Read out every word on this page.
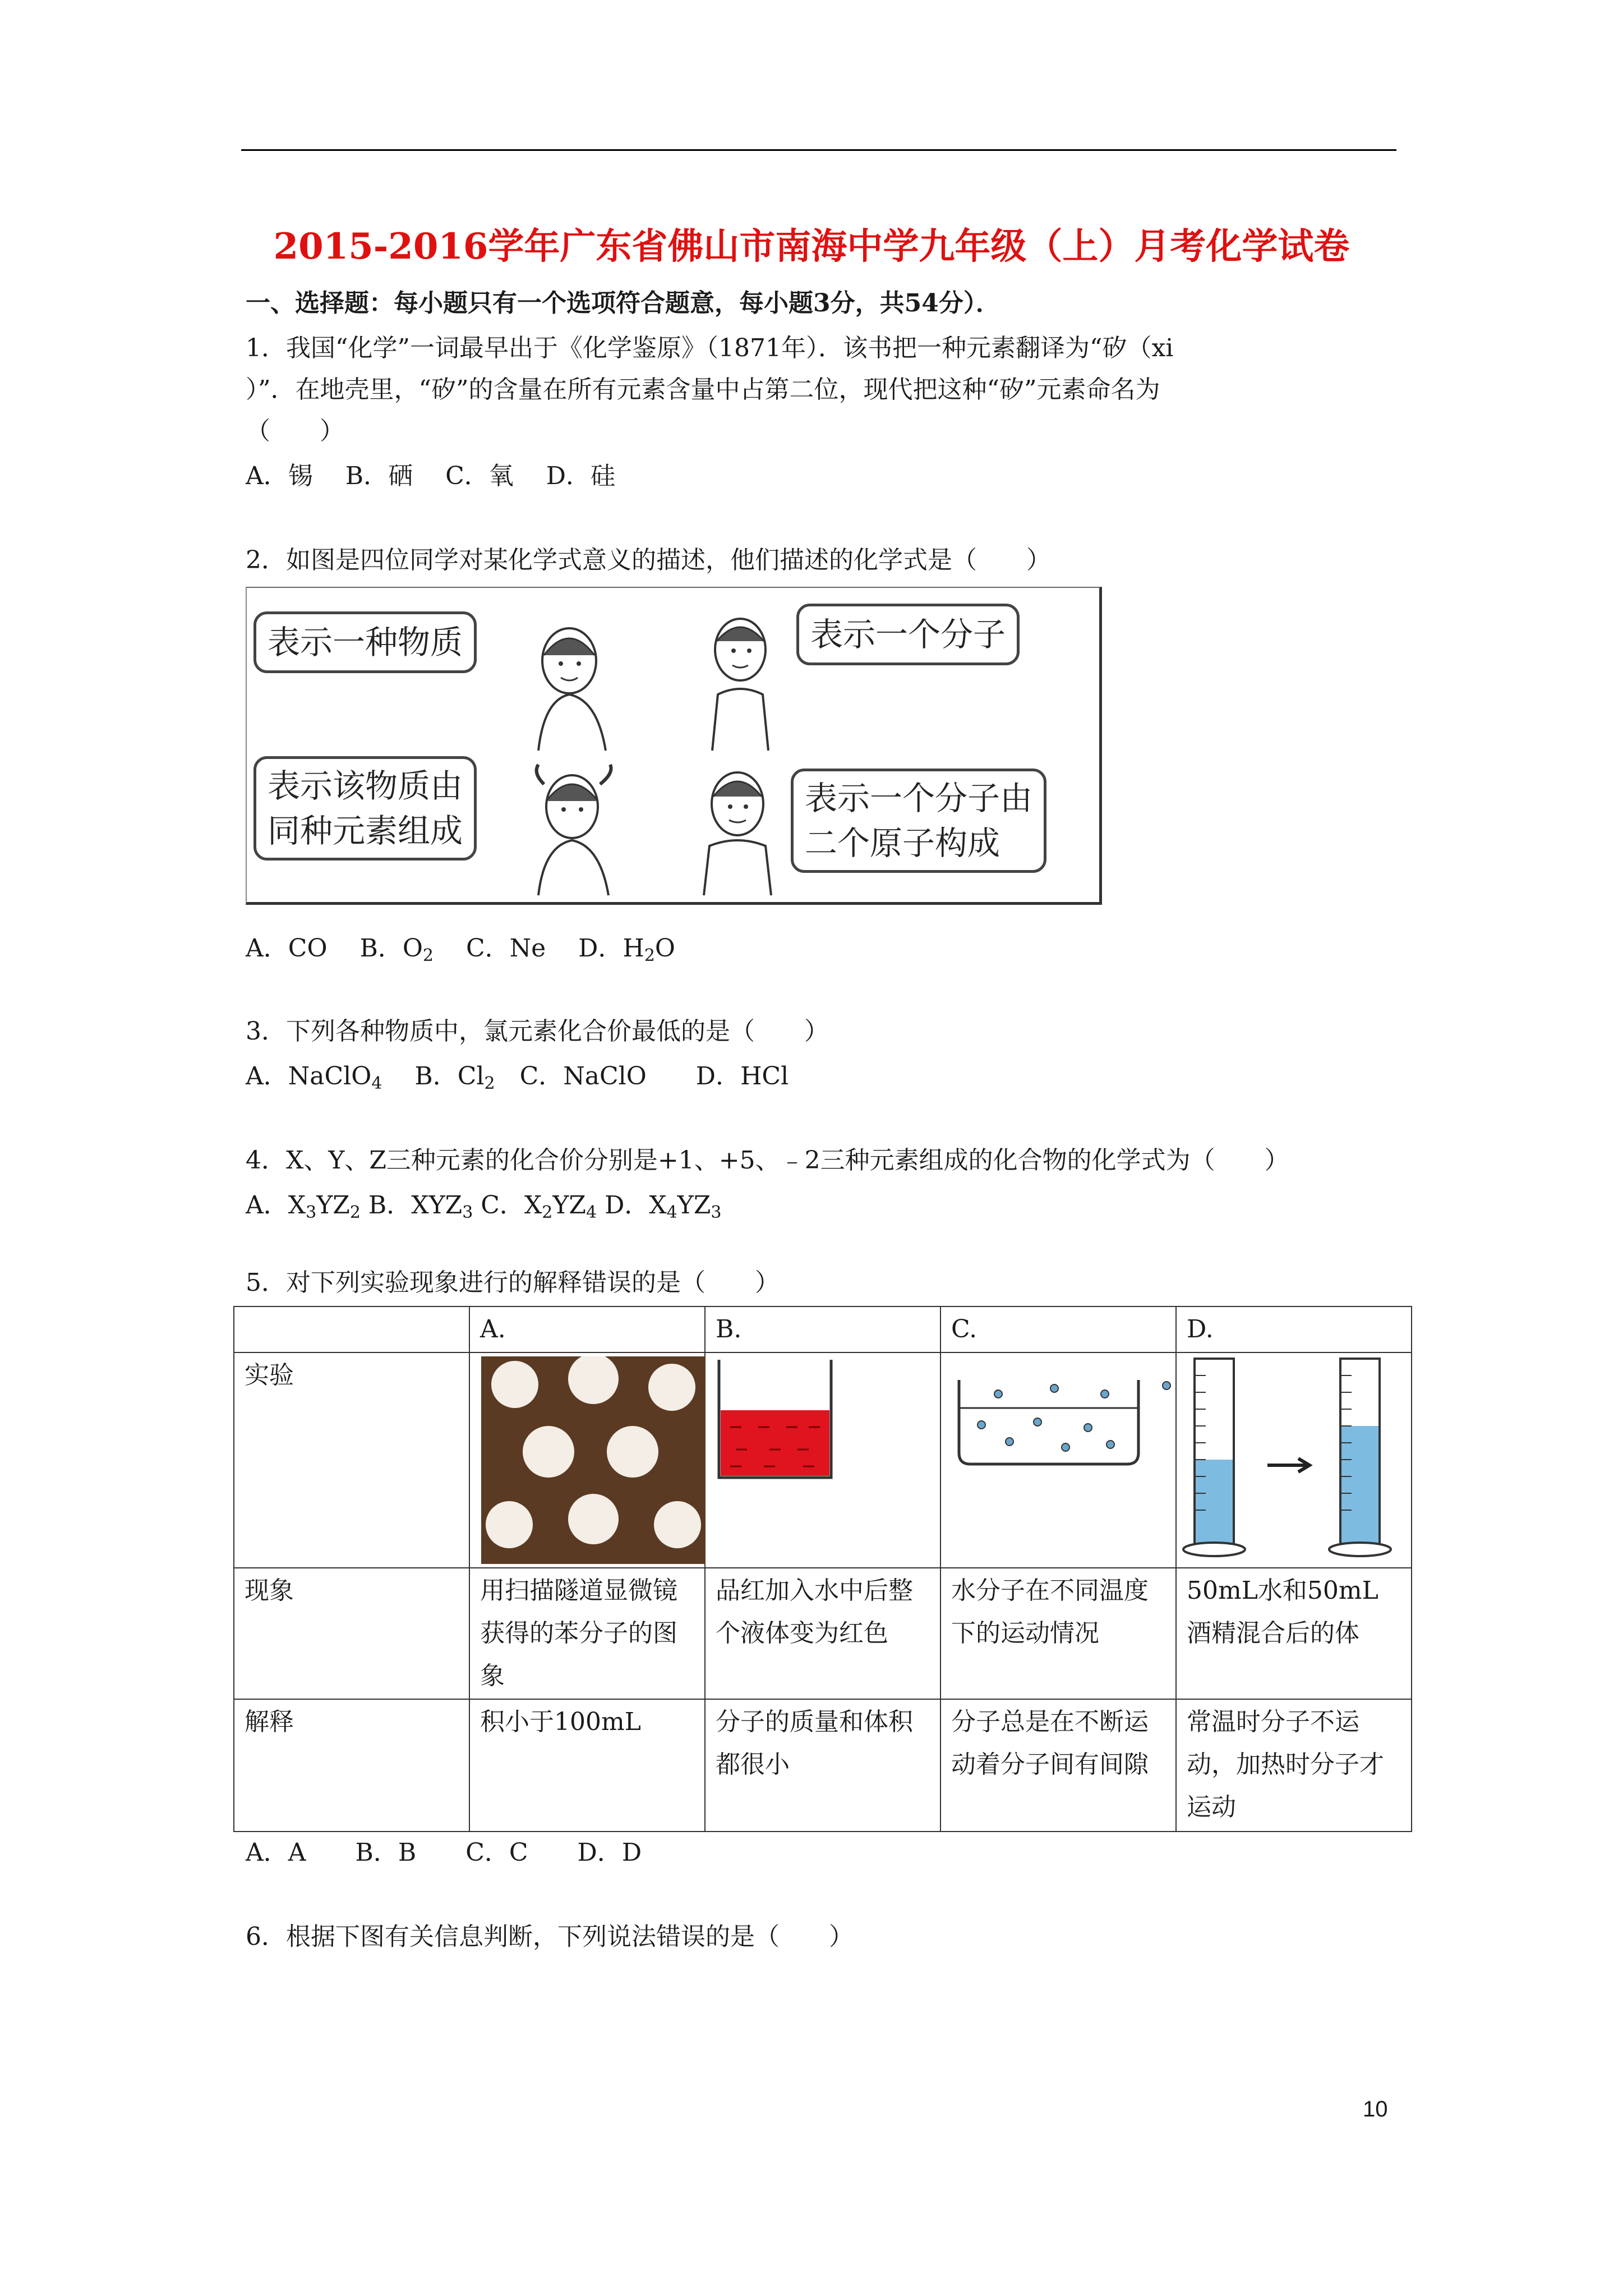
2015-2016学年广东省佛山市南海中学九年级（上）月考化学试卷
一、选择题：每小题只有一个选项符合题意，每小题3分，共54分）．
1．我国“化学”一词最早出于《化学鉴原》（1871年）．该书把一种元素翻译为“矽（xi
）”．在地壳里，“矽”的含量在所有元素含量中占第二位，现代把这种“矽”元素命名为
（　　）
A．锡　 B．硒　 C．氧　 D．硅
2．如图是四位同学对某化学式意义的描述，他们描述的化学式是（　　）
表示一种物质	表示一个分子
表示该物质由
同种元素组成
表示一个分子由
二个原子构成
A．CO　 B．$O_2$　 C．Ne　 D．$H_2O$
3．下列各种物质中，氯元素化合价最低的是（　　）
A．NaClO$_4$　 B．$Cl_2$　C．NaClO　　D．HCl
4．X、Y、Z三种元素的化合价分别是+1、+5、﹣2三种元素组成的化合物的化学式为（　　）
A．$X_3YZ_2$ B．$XYZ_3$ C．$X_2YZ_4$ D．$X_4YZ_3$
5．对下列实验现象进行的解释错误的是（　　）
	A.	B.	C.	D.
实验				
现象	用扫描隧道显微镜获得的苯分子的图象	品红加入水中后整个液体变为红色	水分子在不同温度下的运动情况	50mL水和50mL酒精混合后的体
解释	积小于100mL	分子的质量和体积都很小	分子总是在不断运动着分子间有间隙	常温时分子不运动，加热时分子才运动
A．A　　B．B　　C．C　　D．D
6．根据下图有关信息判断，下列说法错误的是（　　）
10
